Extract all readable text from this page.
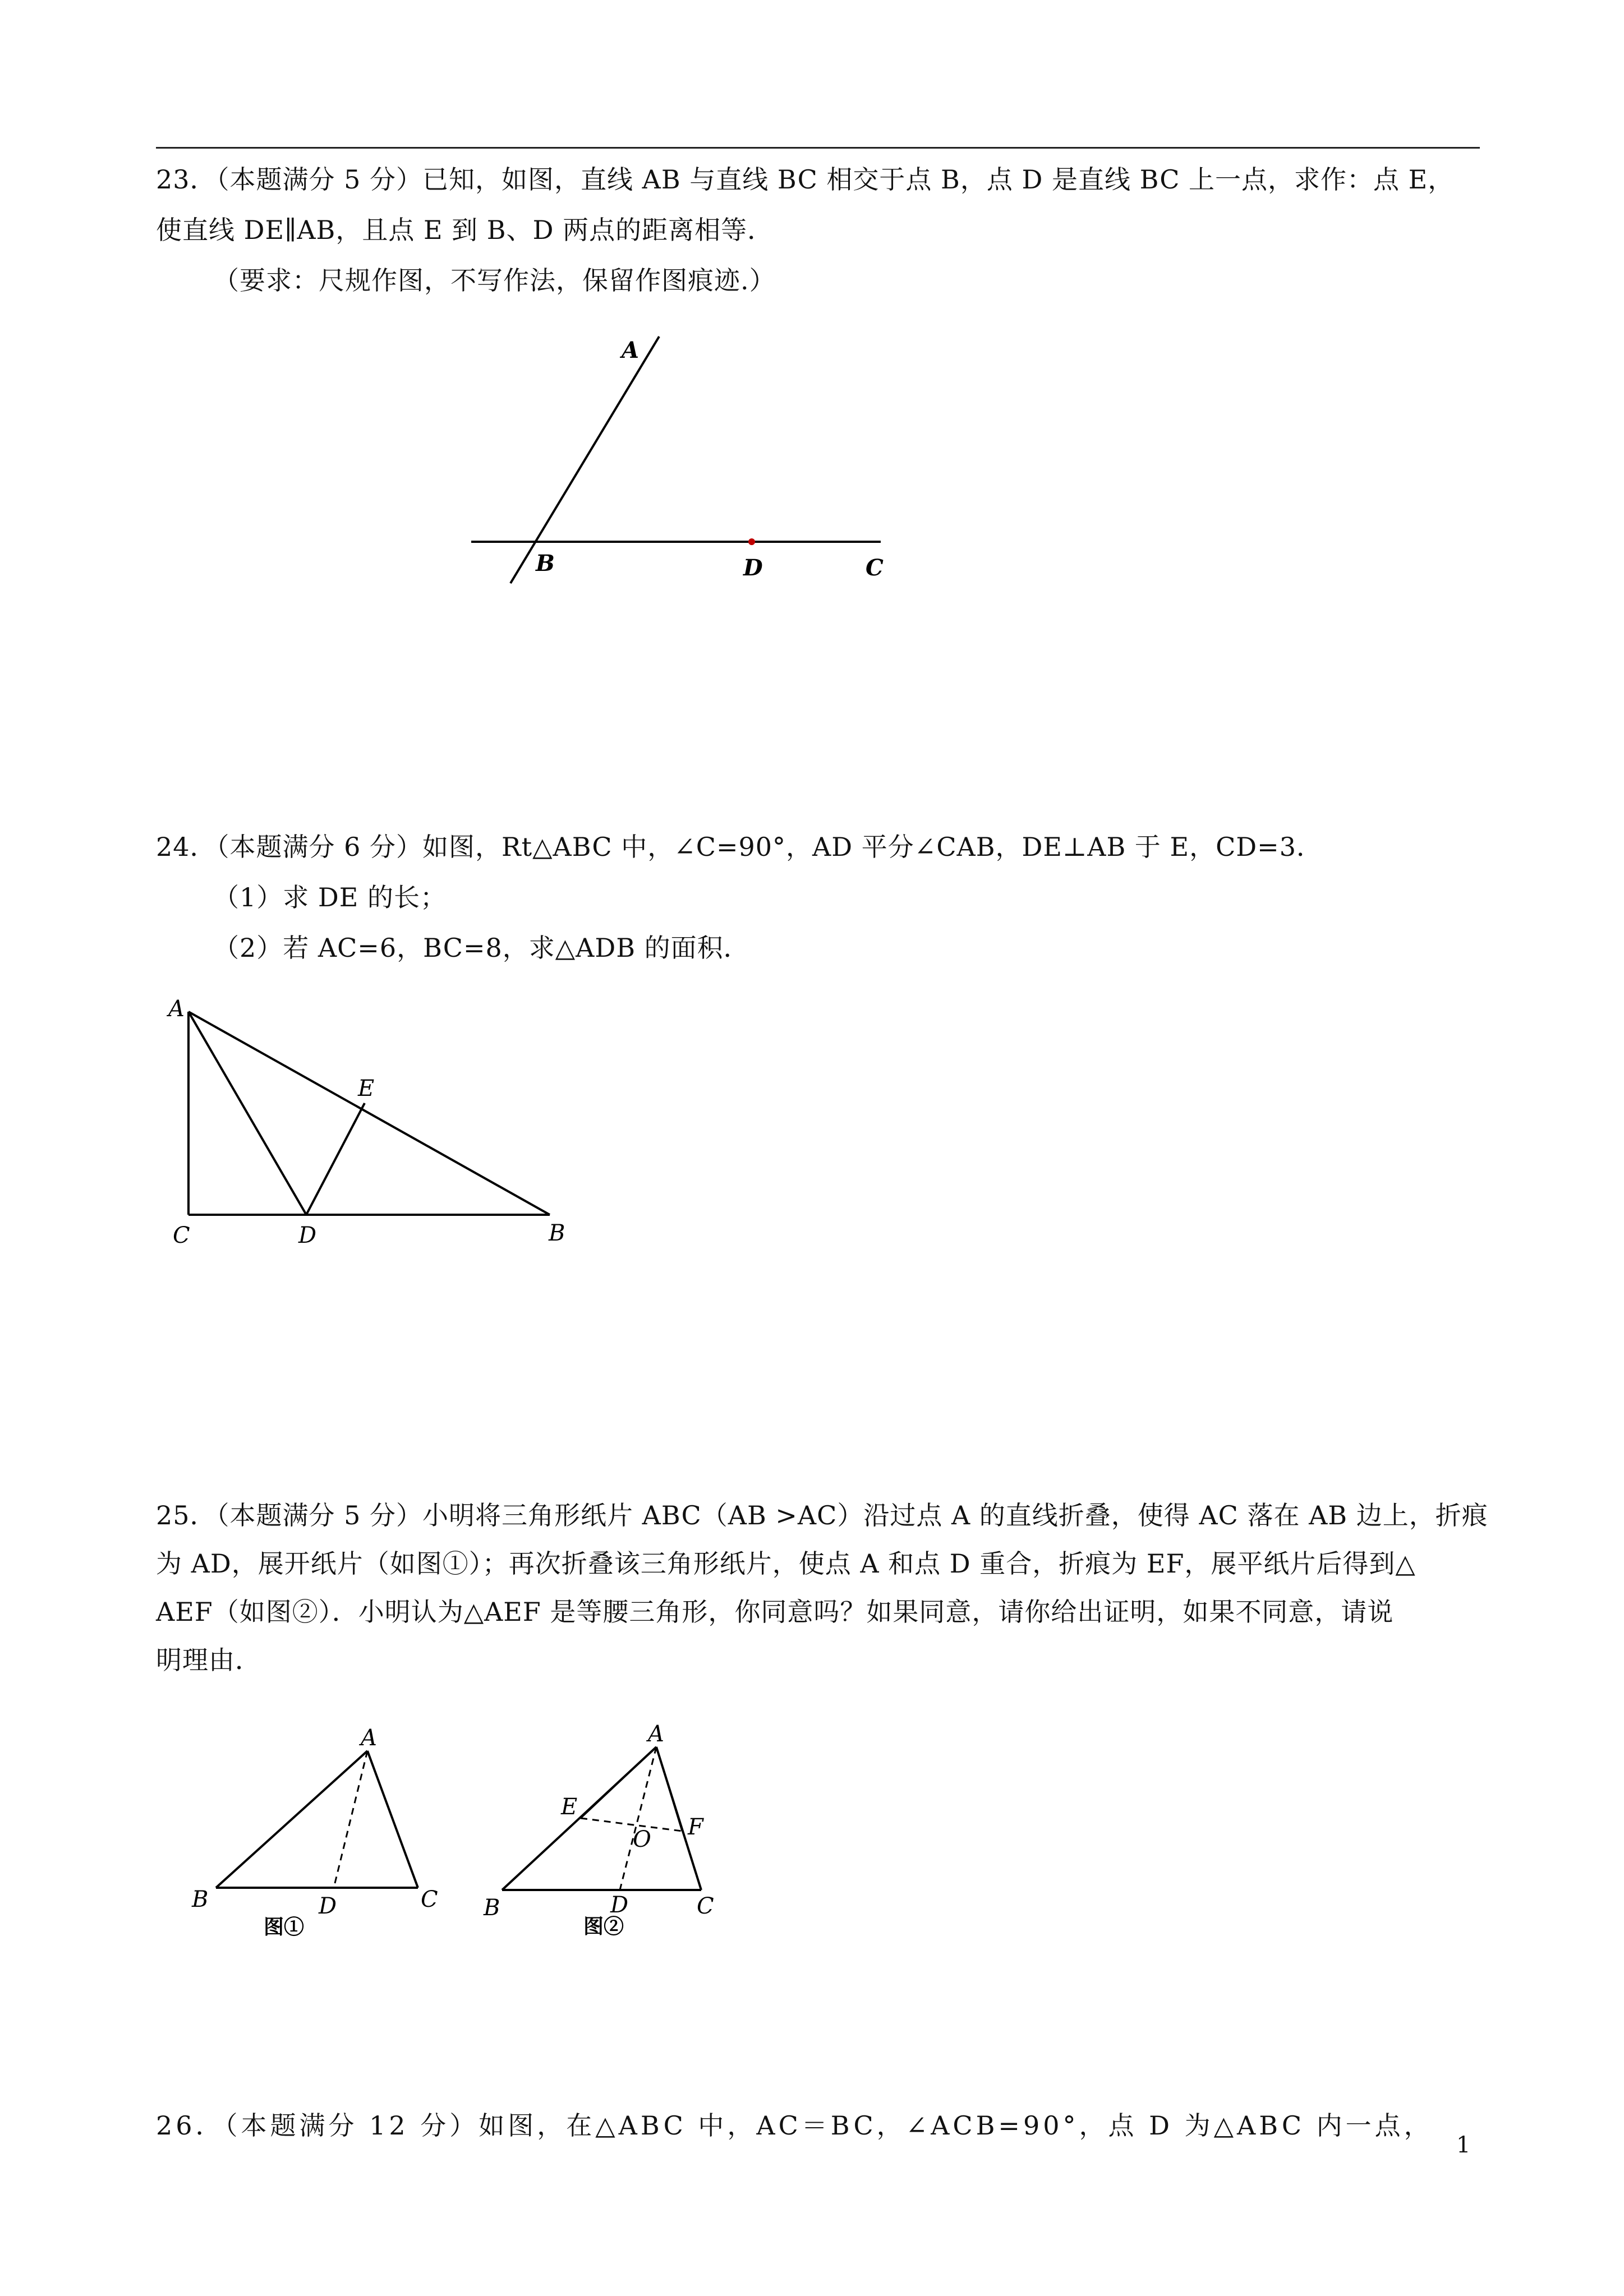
23．（本题满分 5 分）已知，如图，直线 AB 与直线 BC 相交于点 B，点 D 是直线 BC 上一点，求作：点 E，
使直线 DE∥AB，且点 E 到 B、D 两点的距离相等．
（要求：尺规作图，不写作法，保留作图痕迹.）
A
B	D	C
24．（本题满分 6 分）如图，Rt△ABC 中，∠C=90°，AD 平分∠CAB，DE⊥AB 于 E，CD=3．
（1）求 DE 的长；
（2）若 AC=6，BC=8，求△ADB 的面积．
A
E
C	D	B
25．（本题满分 5 分）小明将三角形纸片 ABC（AB >AC）沿过点 A 的直线折叠，使得 AC 落在 AB 边上，折痕
为 AD，展开纸片（如图①）；再次折叠该三角形纸片，使点 A 和点 D 重合，折痕为 EF，展平纸片后得到△
AEF（如图②）．小明认为△AEF 是等腰三角形，你同意吗？如果同意，请你给出证明，如果不同意，请说
明理由．
A
B	D	C
图①
A
E
F
O
B	D	C
图②
26．（本题满分 12 分）如图，在△ABC 中，AC＝BC，∠ACB=90°，点 D 为△ABC 内一点，
1
